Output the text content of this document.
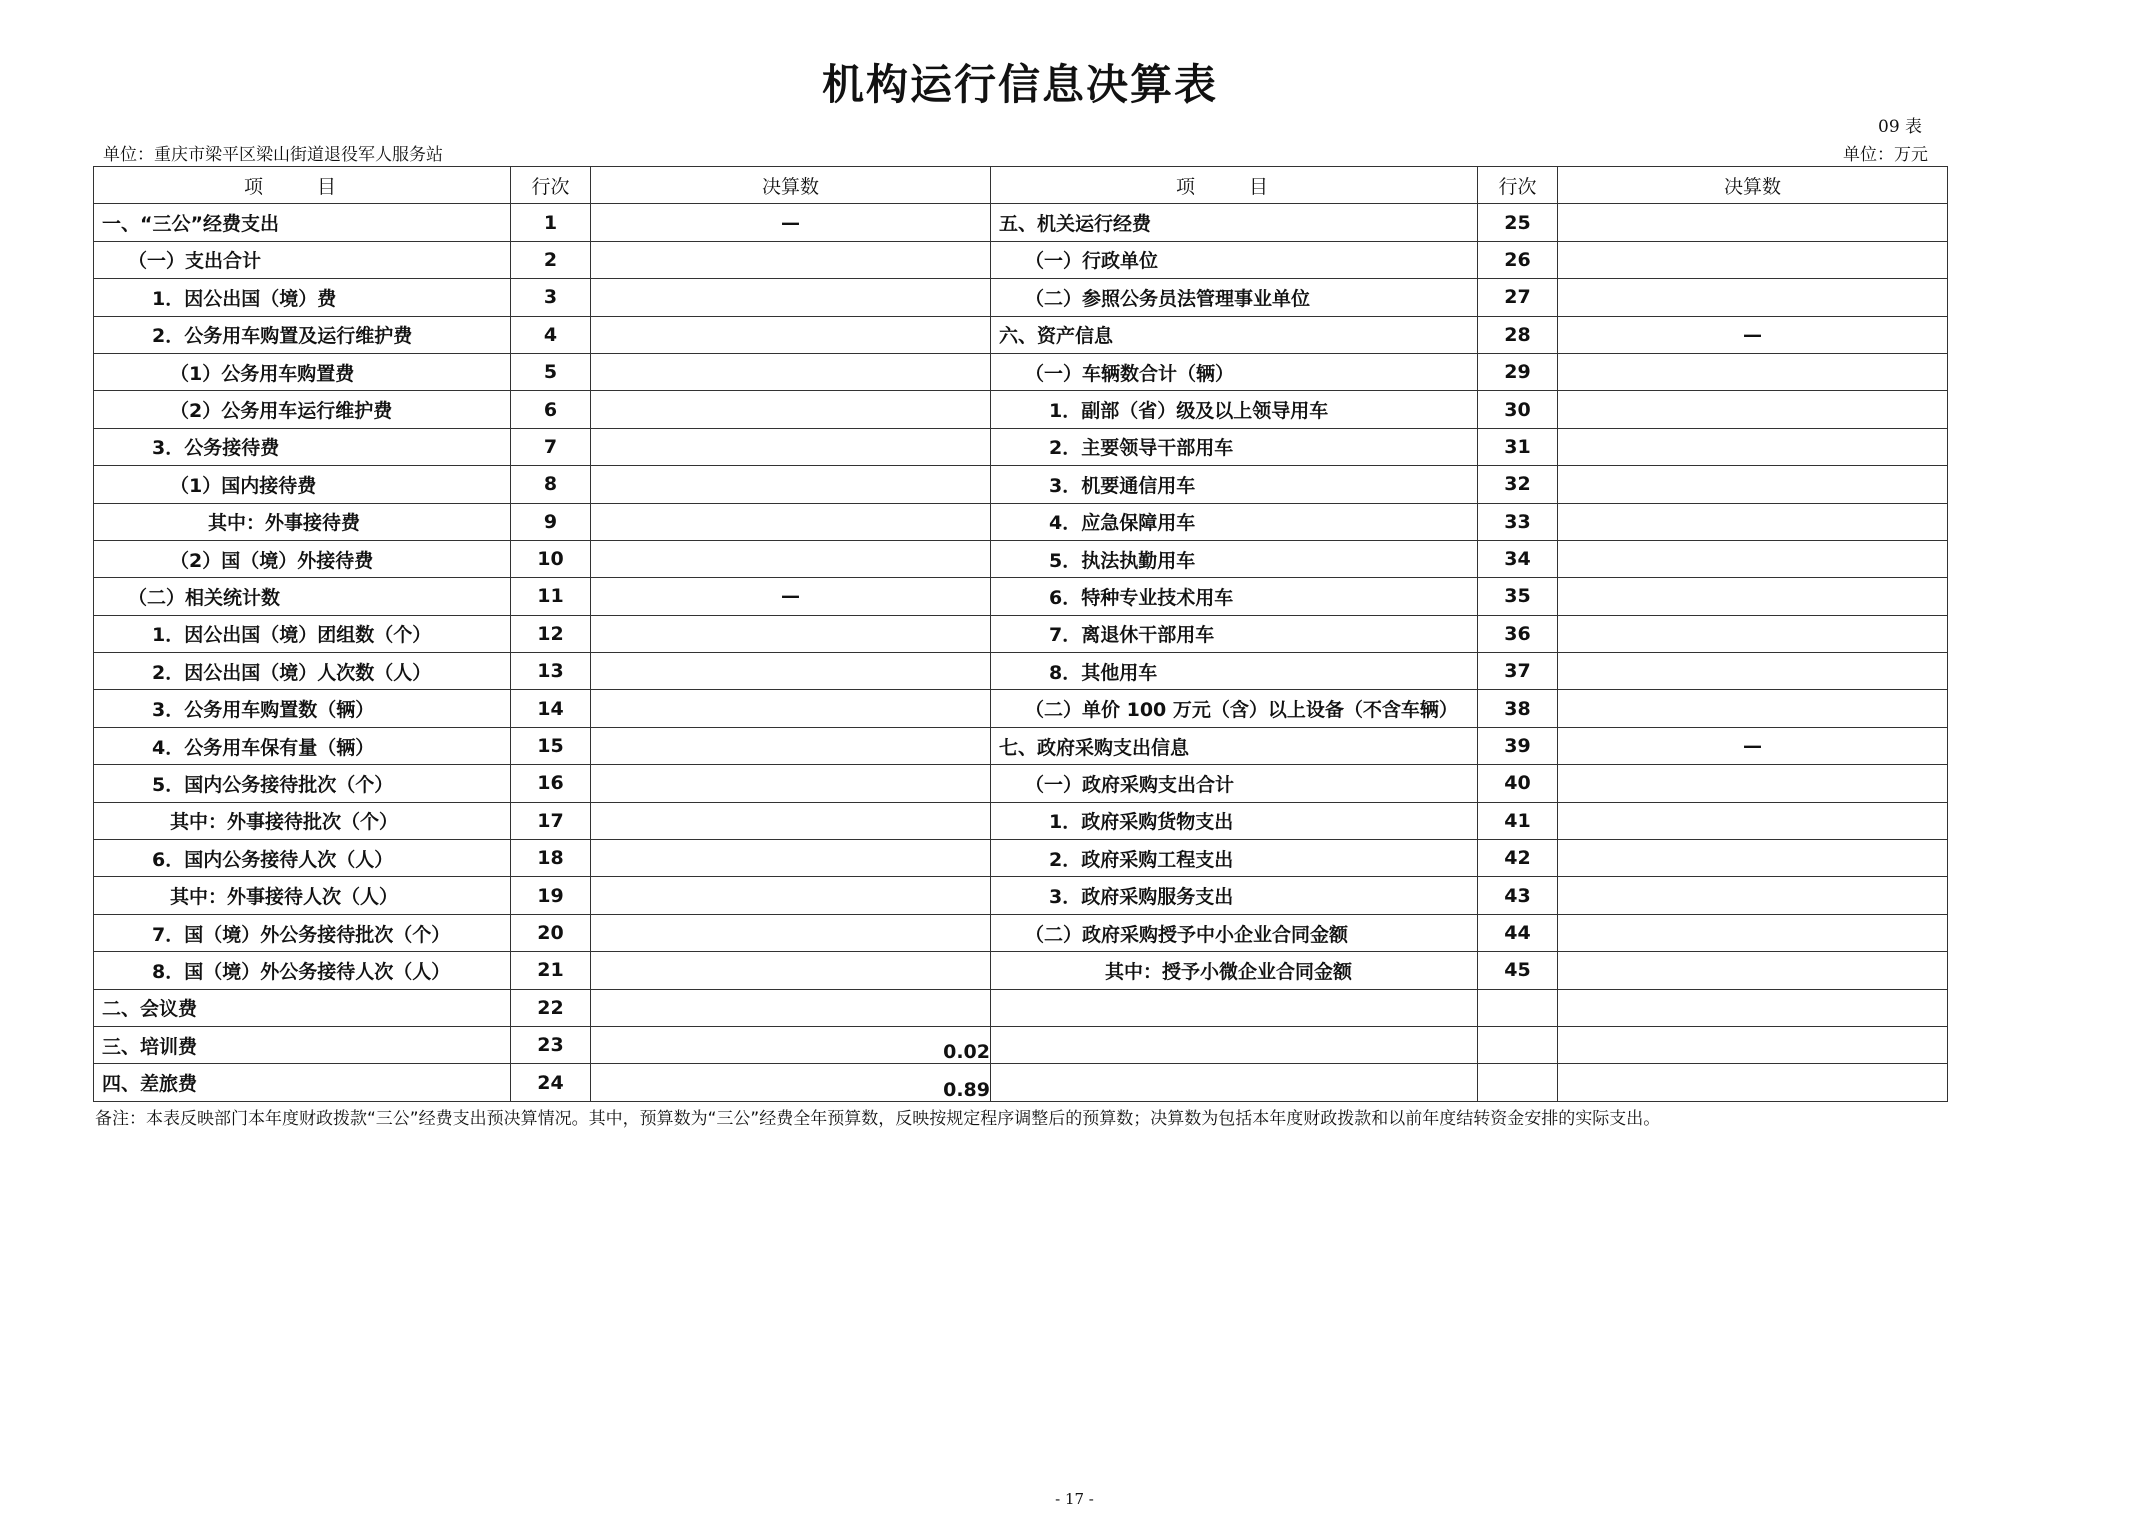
机构运行信息决算表
09 表
单位：重庆市梁平区梁山街道退役军人服务站	单位：万元
项 目	行次	决算数	项 目	行次	决算数
一、“三公”经费支出	1	—	五、机关运行经费	25	
（一）支出合计	2		（一）行政单位	26	
1．因公出国（境）费	3		（二）参照公务员法管理事业单位	27	
2．公务用车购置及运行维护费	4		六、资产信息	28	—
（1）公务用车购置费	5		（一）车辆数合计（辆）	29	
（2）公务用车运行维护费	6		1．副部（省）级及以上领导用车	30	
3．公务接待费	7		2．主要领导干部用车	31	
（1）国内接待费	8		3．机要通信用车	32	
其中：外事接待费	9		4．应急保障用车	33	
（2）国（境）外接待费	10		5．执法执勤用车	34	
（二）相关统计数	11	—	6．特种专业技术用车	35	
1．因公出国（境）团组数（个）	12		7．离退休干部用车	36	
2．因公出国（境）人次数（人）	13		8．其他用车	37	
3．公务用车购置数（辆）	14		（二）单价 100 万元（含）以上设备（不含车辆）	38	
4．公务用车保有量（辆）	15		七、政府采购支出信息	39	—
5．国内公务接待批次（个）	16		（一）政府采购支出合计	40	
其中：外事接待批次（个）	17		1．政府采购货物支出	41	
6．国内公务接待人次（人）	18		2．政府采购工程支出	42	
其中：外事接待人次（人）	19		3．政府采购服务支出	43	
7．国（境）外公务接待批次（个）	20		（二）政府采购授予中小企业合同金额	44	
8．国（境）外公务接待人次（人）	21		其中：授予小微企业合同金额	45	
二、会议费	22				
三、培训费	23	0.02			
四、差旅费	24	0.89			
备注：本表反映部门本年度财政拨款“三公”经费支出预决算情况。其中，预算数为“三公”经费全年预算数，反映按规定程序调整后的预算数；决算数为包括本年度财政拨款和以前年度结转资金安排的实际支出。
- 17 -
